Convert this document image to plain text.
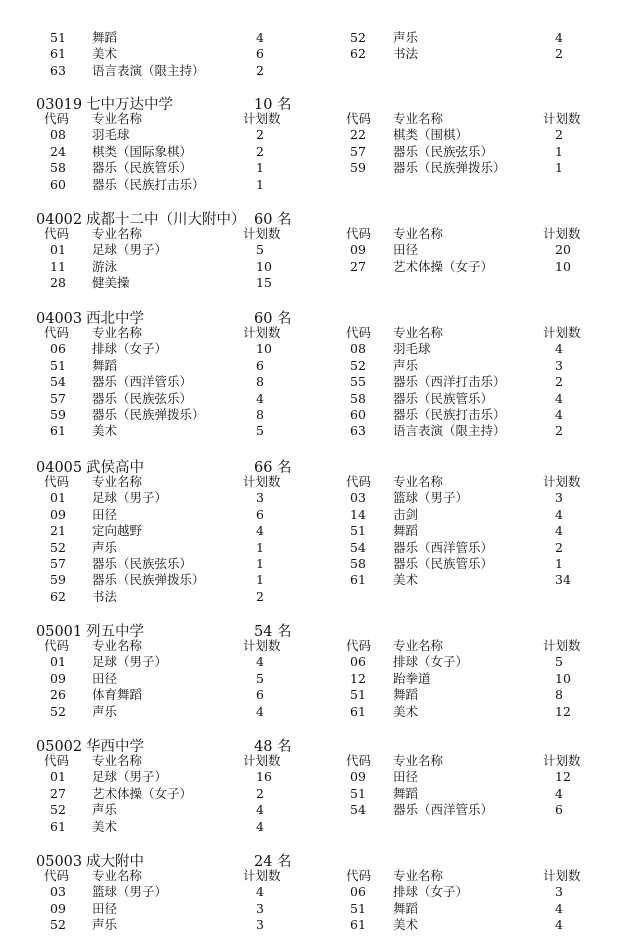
51 舞蹈	4	52 声乐	4
61 美术	6	62 书法	2
63 语言表演（限主持）	2
03019 七中万达中学	10 名
代码 专业名称	计划数	代码 专业名称	计划数
08 羽毛球	2	22 棋类（围棋）	2
24 棋类（国际象棋）	2	57 器乐（民族弦乐）	1
58 器乐（民族管乐）	1	59 器乐（民族弹拨乐）	1
60 器乐（民族打击乐）	1
04002 成都十二中（川大附中） 60 名
代码 专业名称	计划数	代码 专业名称	计划数
01 足球（男子）	5	09 田径	20
11 游泳	10	27 艺术体操（女子）	10
28 健美操	15
04003 西北中学	60 名
代码 专业名称	计划数	代码 专业名称	计划数
06 排球（女子）	10	08 羽毛球	4
51 舞蹈	6	52 声乐	3
54 器乐（西洋管乐）	8	55 器乐（西洋打击乐）	2
57 器乐（民族弦乐）	4	58 器乐（民族管乐）	4
59 器乐（民族弹拨乐）	8	60 器乐（民族打击乐）	4
61 美术	5	63 语言表演（限主持）	2
04005 武侯高中	66 名
代码 专业名称	计划数	代码 专业名称	计划数
01 足球（男子）	3	03 篮球（男子）	3
09 田径	6	14 击剑	4
21 定向越野	4	51 舞蹈	4
52 声乐	1	54 器乐（西洋管乐）	2
57 器乐（民族弦乐）	1	58 器乐（民族管乐）	1
59 器乐（民族弹拨乐）	1	61 美术	34
62 书法	2
05001 列五中学	54 名
代码 专业名称	计划数	代码 专业名称	计划数
01 足球（男子）	4	06 排球（女子）	5
09 田径	5	12 跆拳道	10
26 体育舞蹈	6	51 舞蹈	8
52 声乐	4	61 美术	12
05002 华西中学	48 名
代码 专业名称	计划数	代码 专业名称	计划数
01 足球（男子）	16	09 田径	12
27 艺术体操（女子）	2	51 舞蹈	4
52 声乐	4	54 器乐（西洋管乐）	6
61 美术	4
05003 成大附中	24 名
代码 专业名称	计划数	代码 专业名称	计划数
03 篮球（男子）	4	06 排球（女子）	3
09 田径	3	51 舞蹈	4
52 声乐	3	61 美术	4
